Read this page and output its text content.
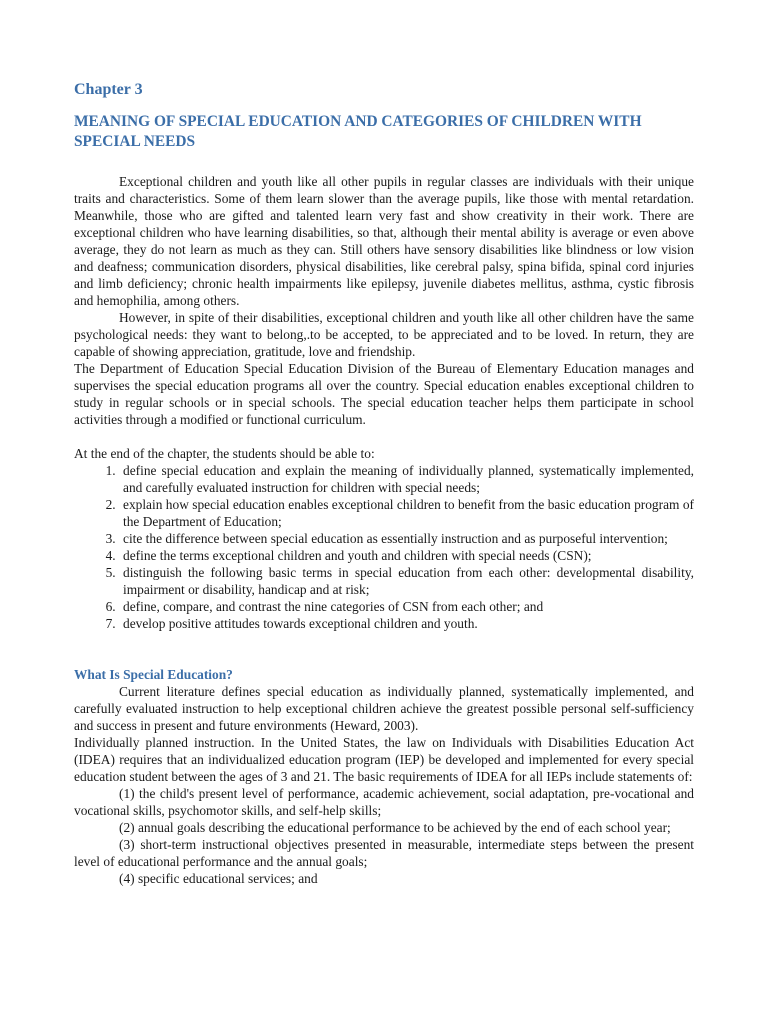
Chapter 3
MEANING OF SPECIAL EDUCATION AND CATEGORIES OF CHILDREN WITH SPECIAL NEEDS

Exceptional children and youth like all other pupils in regular classes are individuals with their unique traits and characteristics. Some of them learn slower than the average pupils, like those with mental retardation. Meanwhile, those who are gifted and talented learn very fast and show creativity in their work. There are exceptional children who have learning disabilities, so that, although their mental ability is average or even above average, they do not learn as much as they can. Still others have sensory disabilities like blindness or low vision and deafness; communication disorders, physical disabilities, like cerebral palsy, spina bifida, spinal cord injuries and limb deficiency; chronic health impairments like epilepsy, juvenile diabetes mellitus, asthma, cystic fibrosis and hemophilia, among others.

However, in spite of their disabilities, exceptional children and youth like all other children have the same psychological needs: they want to belong,.to be accepted, to be appreciated and to be loved. In return, they are capable of showing appreciation, gratitude, love and friendship.

The Department of Education Special Education Division of the Bureau of Elementary Education manages and supervises the special education programs all over the country. Special education enables exceptional children to study in regular schools or in special schools. The special education teacher helps them participate in school activities through a modified or functional curriculum.

At the end of the chapter, the students should be able to:

1. define special education and explain the meaning of individually planned, systematically implemented, and carefully evaluated instruction for children with special needs;
2. explain how special education enables exceptional children to benefit from the basic education program of the Department of Education;
3. cite the difference between special education as essentially instruction and as purposeful intervention;
4. define the terms exceptional children and youth and children with special needs (CSN);
5. distinguish the following basic terms in special education from each other: developmental disability, impairment or disability, handicap and at risk;
6. define, compare, and contrast the nine categories of CSN from each other; and
7. develop positive attitudes towards exceptional children and youth.
What Is Special Education?

Current literature defines special education as individually planned, systematically implemented, and carefully evaluated instruction to help exceptional children achieve the greatest possible personal self-sufficiency and success in present and future environments (Heward, 2003).

Individually planned instruction. In the United States, the law on Individuals with Disabilities Education Act (IDEA) requires that an individualized education program (IEP) be developed and implemented for every special education student between the ages of 3 and 21. The basic requirements of IDEA for all IEPs include statements of:

(1) the child's present level of performance, academic achievement, social adaptation, pre-vocational and vocational skills, psychomotor skills, and self-help skills;

(2) annual goals describing the educational performance to be achieved by the end of each school year;

(3) short-term instructional objectives presented in measurable, intermediate steps between the present level of educational performance and the annual goals;

(4) specific educational services; and
